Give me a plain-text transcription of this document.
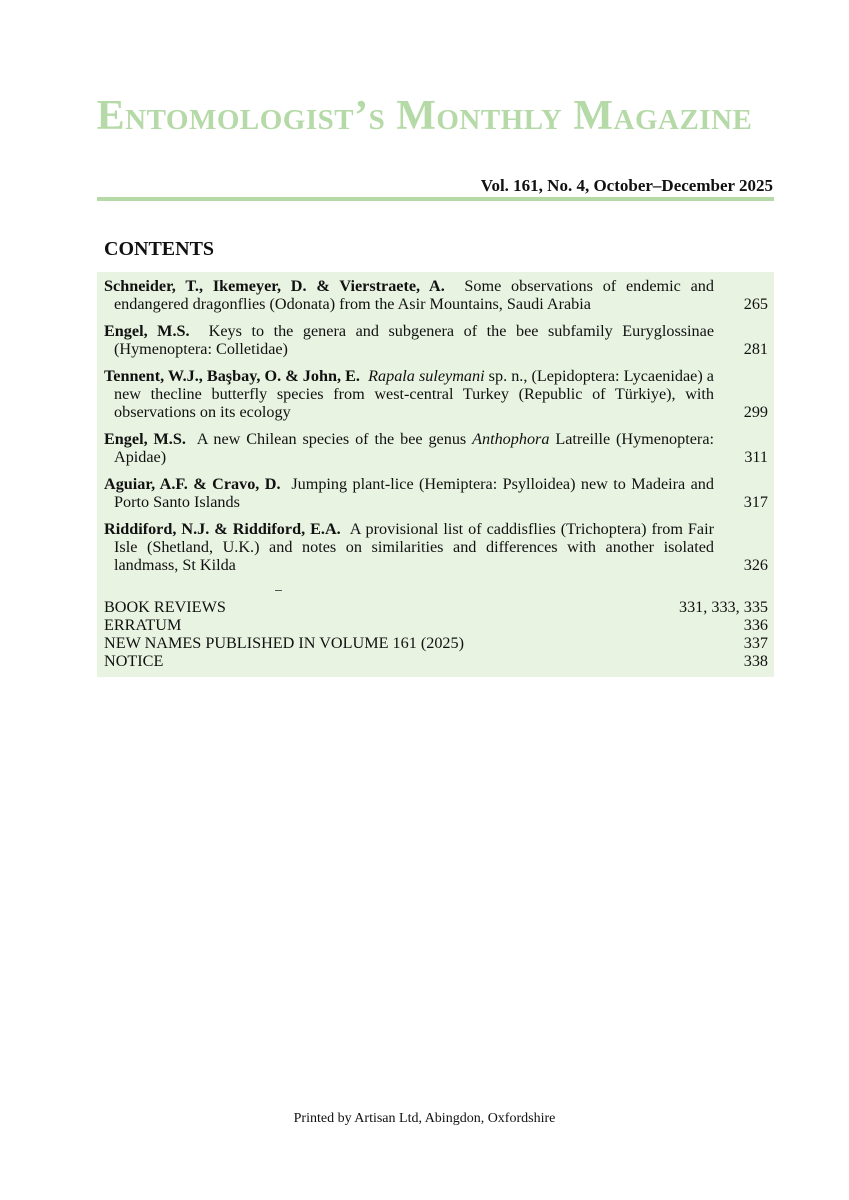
Entomologist’s Monthly Magazine
Vol. 161, No. 4, October–December 2025
CONTENTS
Schneider, T., Ikemeyer, D. & Vierstraete, A. Some observations of endemic and endangered dragonflies (Odonata) from the Asir Mountains, Saudi Arabia	265
Engel, M.S. Keys to the genera and subgenera of the bee subfamily Euryglossinae (Hymenoptera: Colletidae)	281
Tennent, W.J., Başbay, O. & John, E. Rapala suleymani sp. n., (Lepidoptera: Lycaenidae) a new thecline butterfly species from west-central Turkey (Republic of Türkiye), with observations on its ecology	299
Engel, M.S. A new Chilean species of the bee genus Anthophora Latreille (Hymenoptera: Apidae)	311
Aguiar, A.F. & Cravo, D. Jumping plant-lice (Hemiptera: Psylloidea) new to Madeira and Porto Santo Islands	317
Riddiford, N.J. & Riddiford, E.A. A provisional list of caddisflies (Trichoptera) from Fair Isle (Shetland, U.K.) and notes on similarities and differences with another isolated landmass, St Kilda	326
BOOK REVIEWS	331, 333, 335
ERRATUM	336
NEW NAMES PUBLISHED IN VOLUME 161 (2025)	337
NOTICE	338
Printed by Artisan Ltd, Abingdon, Oxfordshire
